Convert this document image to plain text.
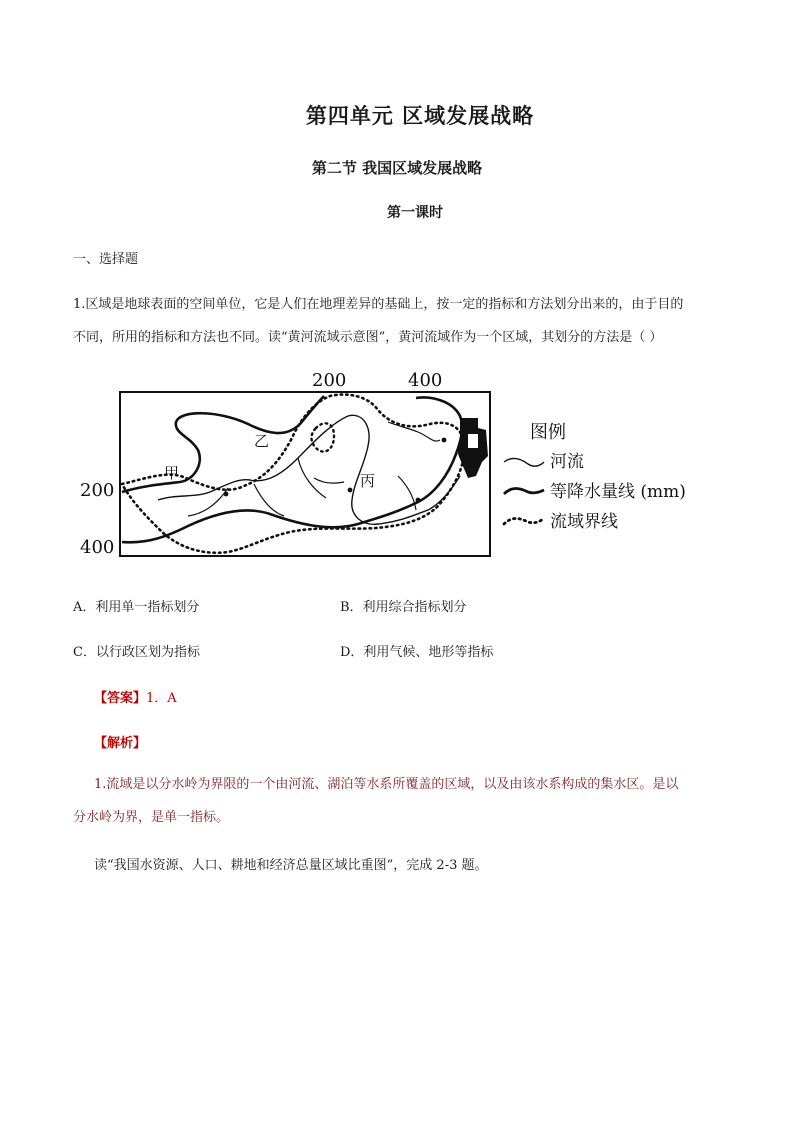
第四单元 区域发展战略
第二节 我国区域发展战略
第一课时
一、选择题
1.区域是地球表面的空间单位，它是人们在地理差异的基础上，按一定的指标和方法划分出来的，由于目的
不同，所用的指标和方法也不同。读“黄河流域示意图”，黄河流域作为一个区域，其划分的方法是（ ）
200	400
200
400
甲
乙
丙
图例
河流
等降水量线 (mm)
流域界线
A．利用单一指标划分	B．利用综合指标划分
C．以行政区划为指标	D．利用气候、地形等指标
【答案】1．A
【解析】
1.流域是以分水岭为界限的一个由河流、湖泊等水系所覆盖的区域，以及由该水系构成的集水区。是以
分水岭为界，是单一指标。
读“我国水资源、人口、耕地和经济总量区域比重图”，完成 2-3 题。
